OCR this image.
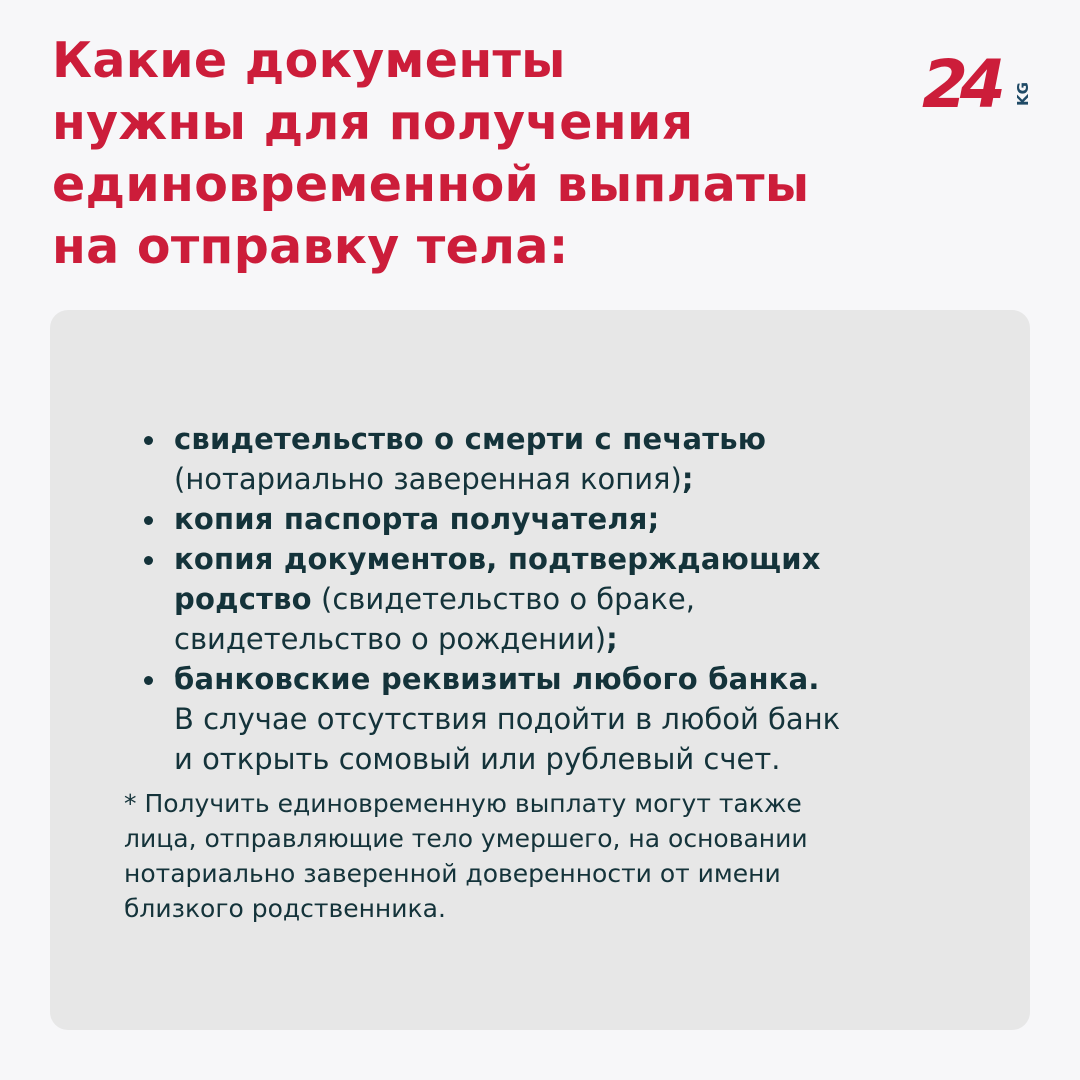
Какие документы
нужны для получения
единовременной выплаты
на отправку тела:
24 KG
свидетельство о смерти с печатью
(нотариально заверенная копия);
копия паспорта получателя;
копия документов, подтверждающих
родство (свидетельство о браке,
свидетельство о рождении);
банковские реквизиты любого банка.
В случае отсутствия подойти в любой банк
и открыть сомовый или рублевый счет.

* Получить единовременную выплату могут также
лица, отправляющие тело умершего, на основании
нотариально заверенной доверенности от имени
близкого родственника.
